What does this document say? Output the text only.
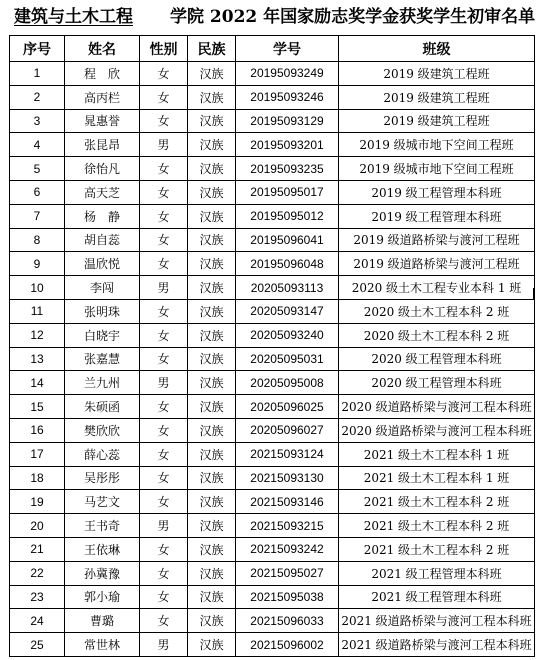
建筑与土木工程 学院 2022 年国家励志奖学金获奖学生初审名单
序号	姓名	性别	民族	学号	班级
1	程　欣	女	汉族	20195093249	2019 级建筑工程班
2	高丙栏	女	汉族	20195093246	2019 级建筑工程班
3	晁惠誉	女	汉族	20195093129	2019 级建筑工程班
4	张昆昂	男	汉族	20195093201	2019 级城市地下空间工程班
5	徐怡凡	女	汉族	20195093235	2019 级城市地下空间工程班
6	高天芝	女	汉族	20195095017	2019 级工程管理本科班
7	杨　静	女	汉族	20195095012	2019 级工程管理本科班
8	胡自蕊	女	汉族	20195096041	2019 级道路桥梁与渡河工程班
9	温欣悦	女	汉族	20195096048	2019 级道路桥梁与渡河工程班
10	李闯	男	汉族	20205093113	2020 级土木工程专业本科 1 班
11	张明珠	女	汉族	20205093147	2020 级土木工程本科 2 班
12	白晓宇	女	汉族	20205093240	2020 级土木工程本科 2 班
13	张嘉慧	女	汉族	20205095031	2020 级工程管理本科班
14	兰九州	男	汉族	20205095008	2020 级工程管理本科班
15	朱硕函	女	汉族	20205096025	2020 级道路桥梁与渡河工程本科班
16	樊欣欣	女	汉族	20205096027	2020 级道路桥梁与渡河工程本科班
17	薛心蕊	女	汉族	20215093124	2021 级土木工程本科 1 班
18	吴彤彤	女	汉族	20215093130	2021 级土木工程本科 1 班
19	马艺文	女	汉族	20215093146	2021 级土木工程本科 2 班
20	王书奇	男	汉族	20215093215	2021 级土木工程本科 2 班
21	王依琳	女	汉族	20215093242	2021 级土木工程本科 2 班
22	孙冀豫	女	汉族	20215095027	2021 级工程管理本科班
23	郭小瑜	女	汉族	20215095038	2021 级工程管理本科班
24	曹璐	女	汉族	20215096033	2021 级道路桥梁与渡河工程本科班
25	常世林	男	汉族	20215096002	2021 级道路桥梁与渡河工程本科班
